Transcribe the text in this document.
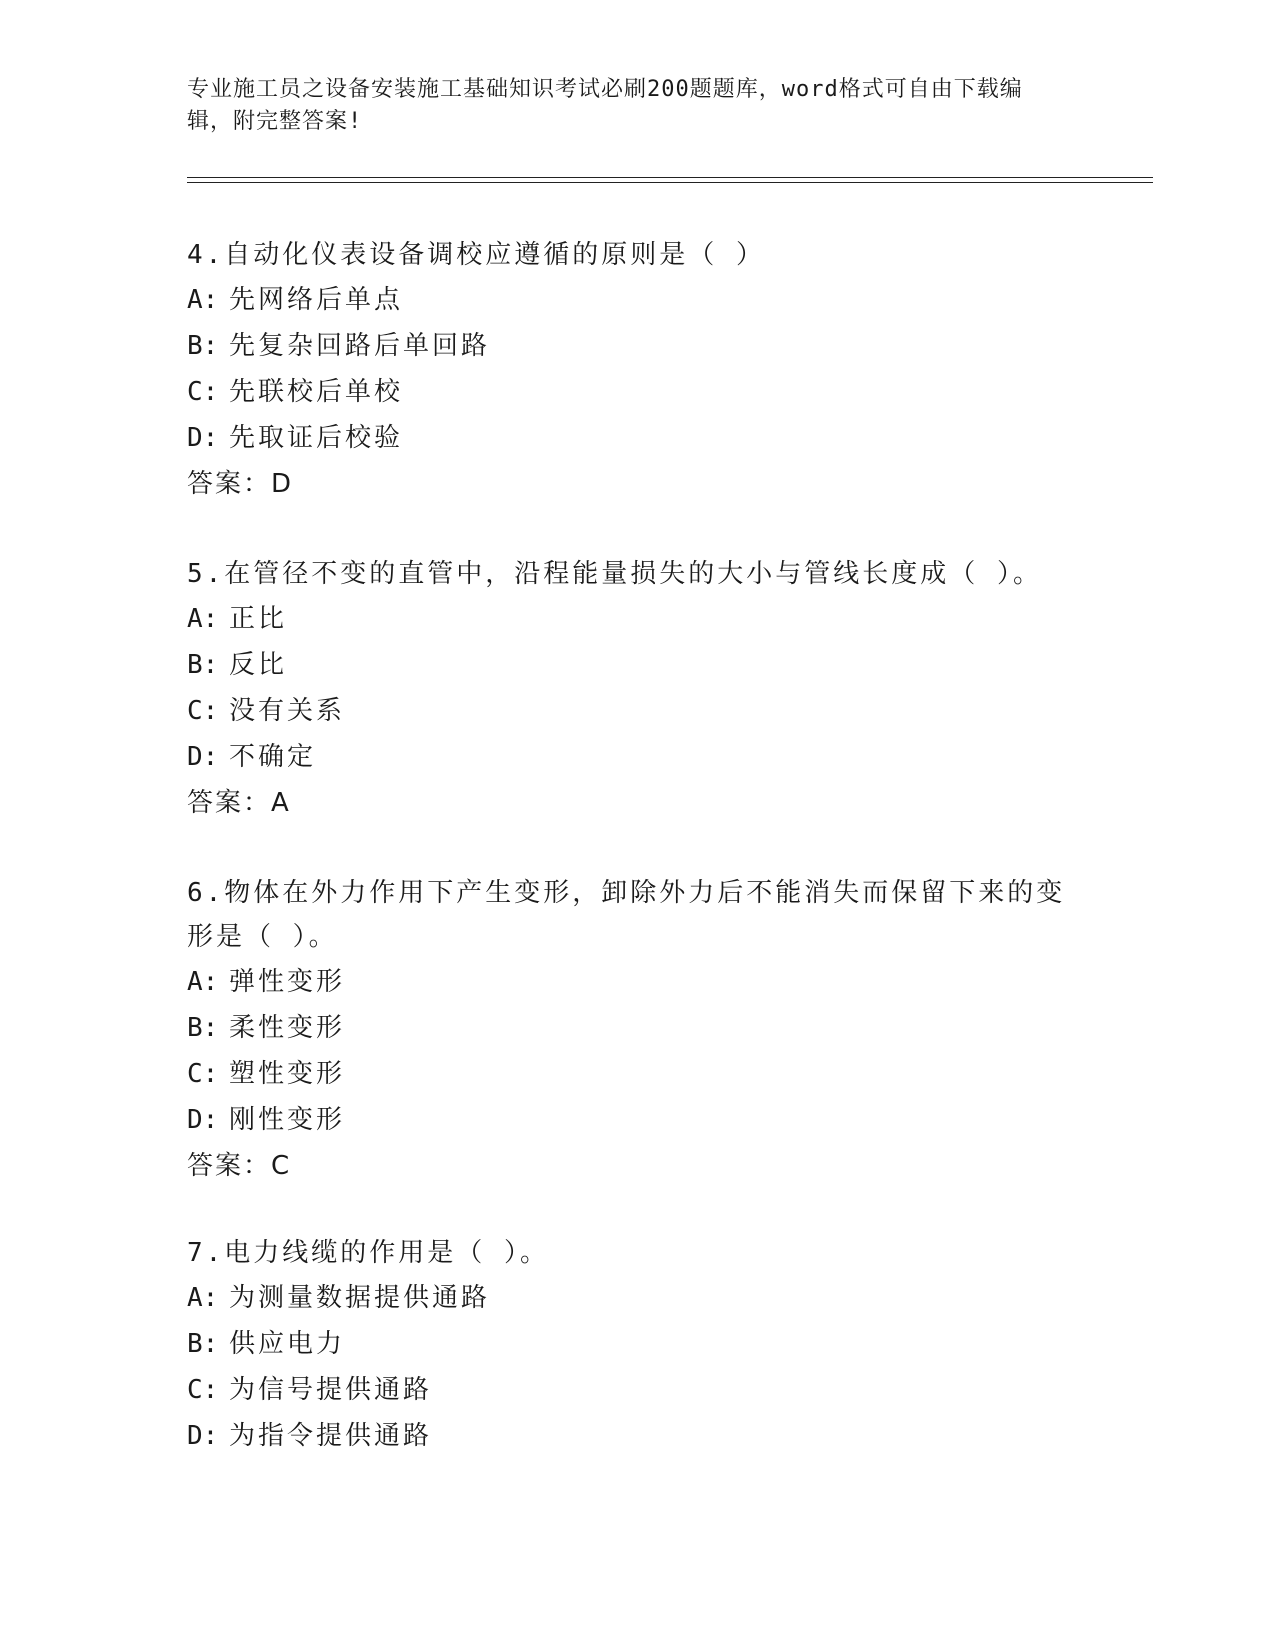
专业施工员之设备安装施工基础知识考试必刷200题题库，word格式可自由下载编辑，附完整答案!

4.自动化仪表设备调校应遵循的原则是（ ）

A: 先网络后单点
B: 先复杂回路后单回路
C: 先联校后单校
D: 先取证后校验
答案：D

5.在管径不变的直管中，沿程能量损失的大小与管线长度成（ ）。

A: 正比
B: 反比
C: 没有关系
D: 不确定
答案：A

6.物体在外力作用下产生变形，卸除外力后不能消失而保留下来的变形是（ ）。

A: 弹性变形
B: 柔性变形
C: 塑性变形
D: 刚性变形
答案：C

7.电力线缆的作用是（ ）。

A: 为测量数据提供通路
B: 供应电力
C: 为信号提供通路
D: 为指令提供通路
